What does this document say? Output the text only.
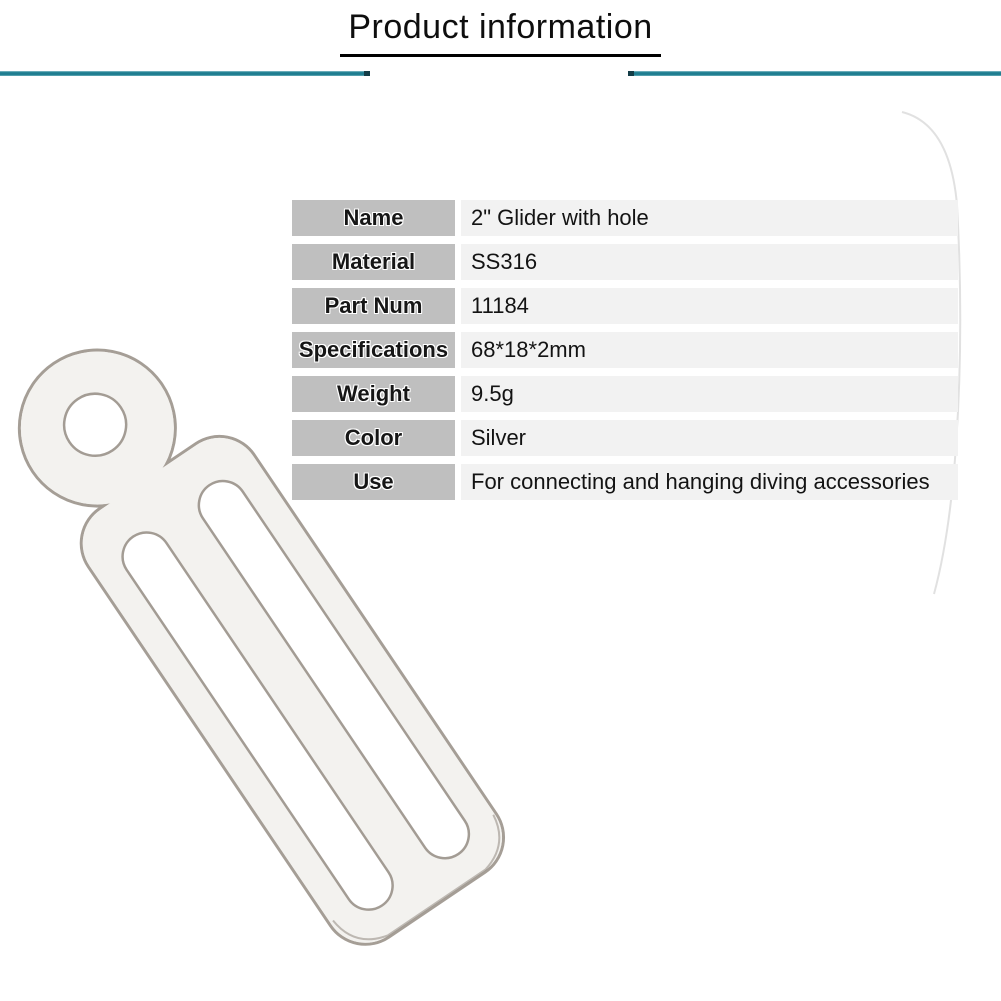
Product information
Name	2" Glider with hole
Material	SS316
Part Num	11184
Specifications	68*18*2mm
Weight	9.5g
Color	Silver
Use	For connecting and hanging diving accessories
